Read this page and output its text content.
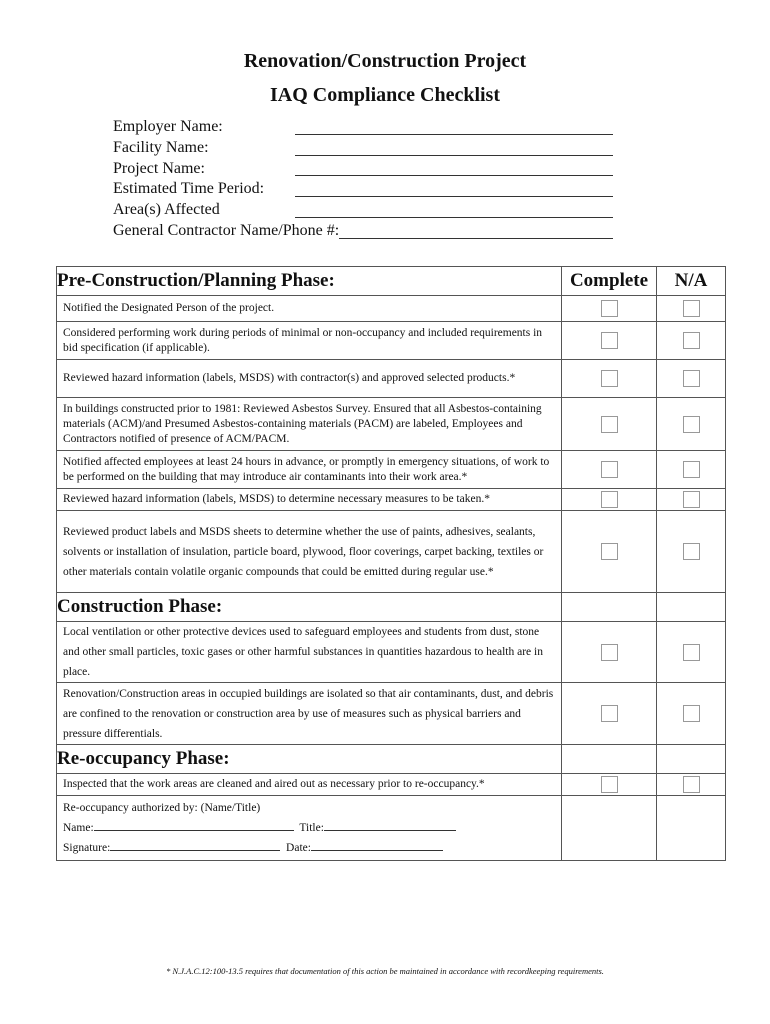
Renovation/Construction Project
IAQ Compliance Checklist
Employer Name:
Facility Name:
Project Name:
Estimated Time Period:
Area(s) Affected
General Contractor Name/Phone #:
Pre-Construction/Planning Phase:	Complete	N/A
Notified the Designated Person of the project.		
Considered performing work during periods of minimal or non-occupancy and included requirements in bid specification (if applicable).		
Reviewed hazard information (labels, MSDS) with contractor(s) and approved selected products.*		
In buildings constructed prior to 1981: Reviewed Asbestos Survey. Ensured that all Asbestos-containing materials (ACM)/and Presumed Asbestos-containing materials (PACM) are labeled, Employees and Contractors notified of presence of ACM/PACM.		
Notified affected employees at least 24 hours in advance, or promptly in emergency situations, of work to be performed on the building that may introduce air contaminants into their work area.*		
Reviewed hazard information (labels, MSDS) to determine necessary measures to be taken.*		
Reviewed product labels and MSDS sheets to determine whether the use of paints, adhesives, sealants, solvents or installation of insulation, particle board, plywood, floor coverings, carpet backing, textiles or other materials contain volatile organic compounds that could be emitted during regular use.*		
Construction Phase:		
Local ventilation or other protective devices used to safeguard employees and students from dust, stone and other small particles, toxic gases or other harmful substances in quantities hazardous to health are in place.		
Renovation/Construction areas in occupied buildings are isolated so that air contaminants, dust, and debris are confined to the renovation or construction area by use of measures such as physical barriers and pressure differentials.		
Re-occupancy Phase:		
Inspected that the work areas are cleaned and aired out as necessary prior to re-occupancy.*		

Re-occupancy authorized by: (Name/Title)
Name: Title:
Signature: Date:		

* N.J.A.C.12:100-13.5 requires that documentation of this action be maintained in accordance with recordkeeping requirements.
